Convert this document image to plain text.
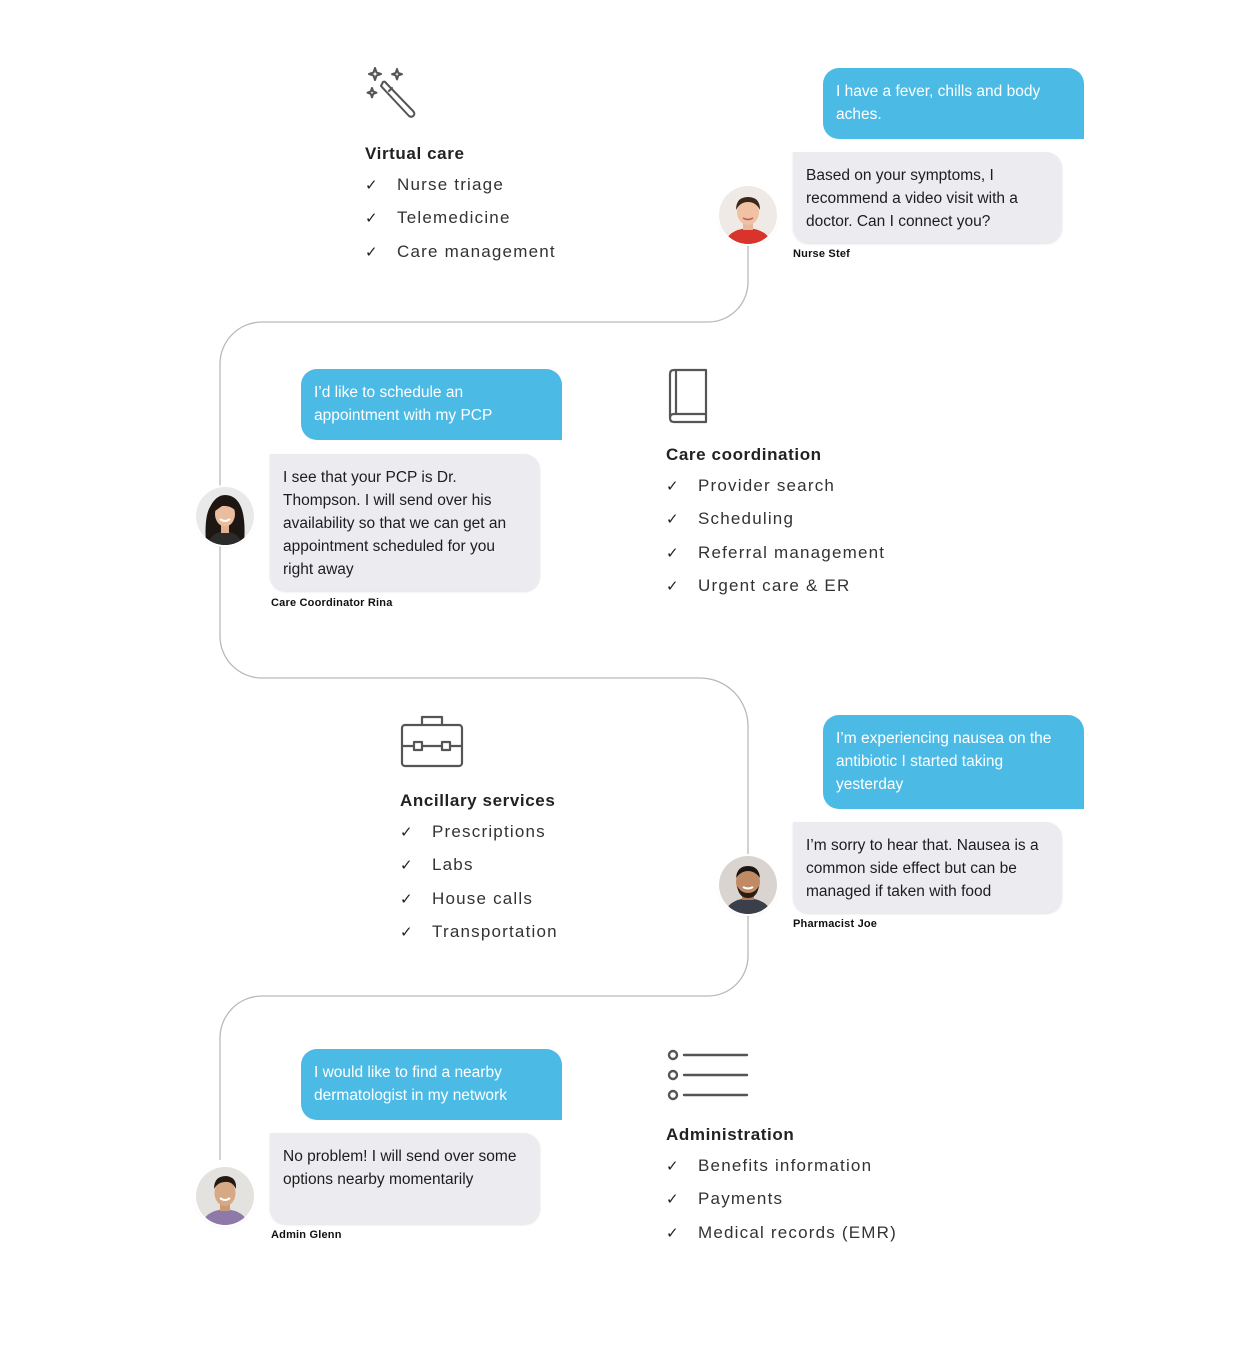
Virtual care
✓	Nurse triage
✓	Telemedicine
✓	Care management
I have a fever, chills and body aches.
Based on your symptoms, I recommend a video visit with a doctor. Can I connect you?
Nurse Stef
Care coordination
✓	Provider search
✓	Scheduling
✓	Referral management
✓	Urgent care & ER
I’d like to schedule an appointment with my PCP
I see that your PCP is Dr. Thompson. I will send over his availability so that we can get an appointment scheduled for you right away
Care Coordinator Rina
Ancillary services
✓	Prescriptions
✓	Labs
✓	House calls
✓	Transportation
I’m experiencing nausea on the antibiotic I started taking yesterday
I’m sorry to hear that. Nausea is a common side effect but can be managed if taken with food
Pharmacist Joe
Administration
✓	Benefits information
✓	Payments
✓	Medical records (EMR)
I would like to find a nearby dermatologist in my network
No problem! I will send over some options nearby momentarily
Admin Glenn
